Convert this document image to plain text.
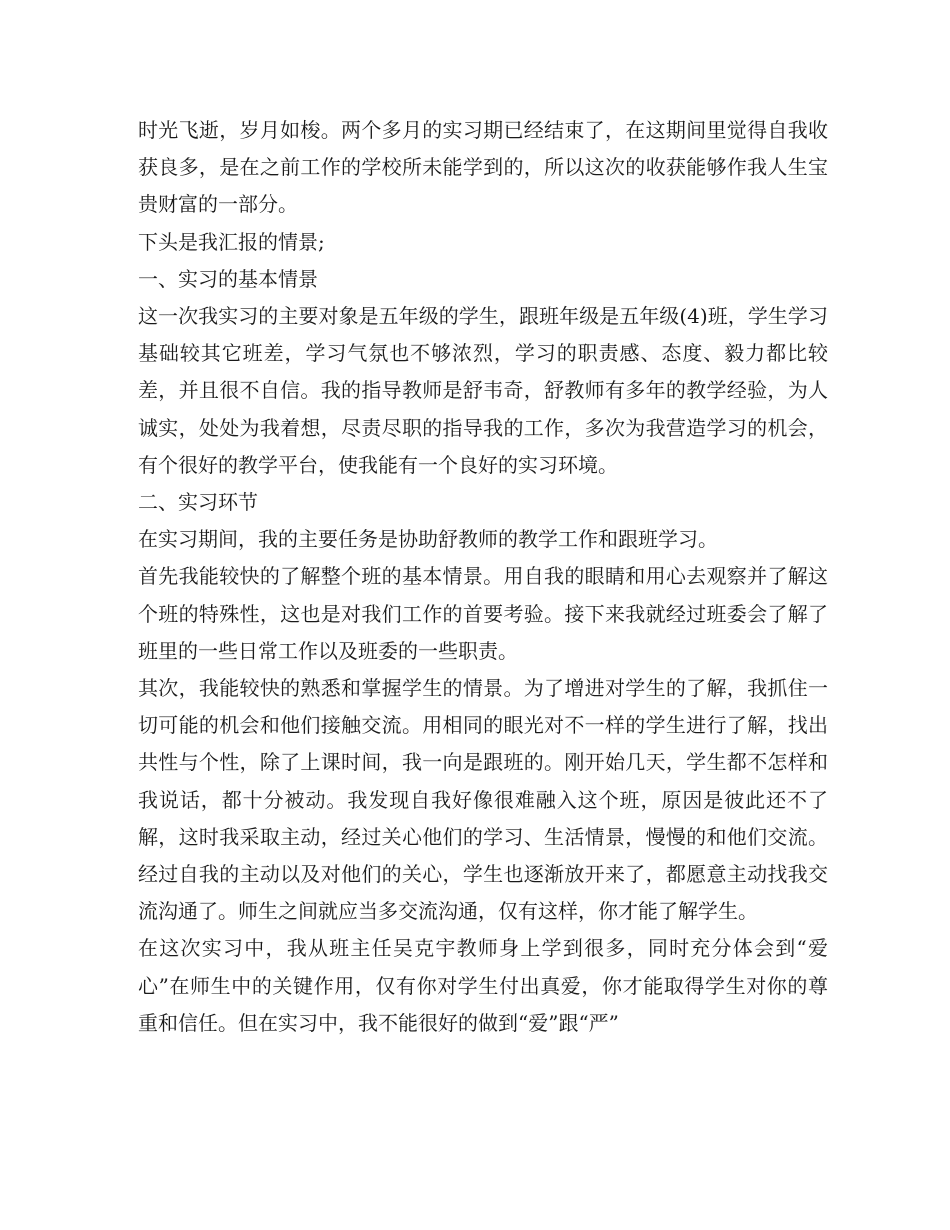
时光飞逝，岁月如梭。两个多月的实习期已经结束了，在这期间里觉得自我收获良多，是在之前工作的学校所未能学到的，所以这次的收获能够作我人生宝贵财富的一部分。

下头是我汇报的情景;

一、实习的基本情景

这一次我实习的主要对象是五年级的学生，跟班年级是五年级(4)班，学生学习基础较其它班差，学习气氛也不够浓烈，学习的职责感、态度、毅力都比较差，并且很不自信。我的指导教师是舒韦奇，舒教师有多年的教学经验，为人诚实，处处为我着想，尽责尽职的指导我的工作，多次为我营造学习的机会，有个很好的教学平台，使我能有一个良好的实习环境。

二、实习环节

在实习期间，我的主要任务是协助舒教师的教学工作和跟班学习。

首先我能较快的了解整个班的基本情景。用自我的眼睛和用心去观察并了解这个班的特殊性，这也是对我们工作的首要考验。接下来我就经过班委会了解了班里的一些日常工作以及班委的一些职责。

其次，我能较快的熟悉和掌握学生的情景。为了增进对学生的了解，我抓住一切可能的机会和他们接触交流。用相同的眼光对不一样的学生进行了解，找出共性与个性，除了上课时间，我一向是跟班的。刚开始几天，学生都不怎样和我说话，都十分被动。我发现自我好像很难融入这个班，原因是彼此还不了解，这时我采取主动，经过关心他们的学习、生活情景，慢慢的和他们交流。经过自我的主动以及对他们的关心，学生也逐渐放开来了，都愿意主动找我交流沟通了。师生之间就应当多交流沟通，仅有这样，你才能了解学生。

在这次实习中，我从班主任吴克宇教师身上学到很多，同时充分体会到“爱心”在师生中的关键作用，仅有你对学生付出真爱，你才能取得学生对你的尊重和信任。但在实习中，我不能很好的做到“爱”跟“严”
